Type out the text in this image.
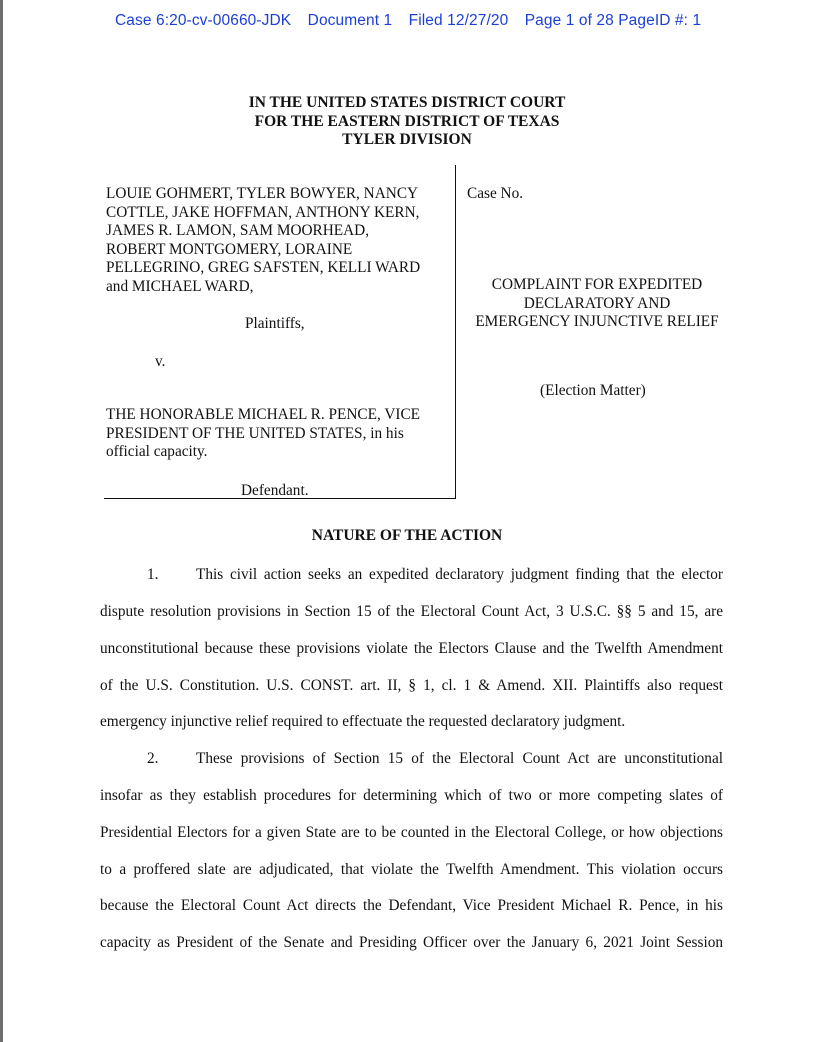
Case 6:20-cv-00660-JDK Document 1 Filed 12/27/20 Page 1 of 28 PageID #: 1
IN THE UNITED STATES DISTRICT COURT
FOR THE EASTERN DISTRICT OF TEXAS
TYLER DIVISION
LOUIE GOHMERT, TYLER BOWYER, NANCY
COTTLE, JAKE HOFFMAN, ANTHONY KERN,
JAMES R. LAMON, SAM MOORHEAD,
ROBERT MONTGOMERY, LORAINE
PELLEGRINO, GREG SAFSTEN, KELLI WARD
and MICHAEL WARD,
Plaintiffs,
v.
THE HONORABLE MICHAEL R. PENCE, VICE
PRESIDENT OF THE UNITED STATES, in his
official capacity.
Defendant.
Case No.
COMPLAINT FOR EXPEDITED
DECLARATORY AND
EMERGENCY INJUNCTIVE RELIEF
(Election Matter)
NATURE OF THE ACTION
1. This civil action seeks an expedited declaratory judgment finding that the elector
dispute resolution provisions in Section 15 of the Electoral Count Act, 3 U.S.C. §§ 5 and 15, are
unconstitutional because these provisions violate the Electors Clause and the Twelfth Amendment
of the U.S. Constitution. U.S. CONST. art. II, § 1, cl. 1 & Amend. XII. Plaintiffs also request
emergency injunctive relief required to effectuate the requested declaratory judgment.
2. These provisions of Section 15 of the Electoral Count Act are unconstitutional
insofar as they establish procedures for determining which of two or more competing slates of
Presidential Electors for a given State are to be counted in the Electoral College, or how objections
to a proffered slate are adjudicated, that violate the Twelfth Amendment. This violation occurs
because the Electoral Count Act directs the Defendant, Vice President Michael R. Pence, in his
capacity as President of the Senate and Presiding Officer over the January 6, 2021 Joint Session
